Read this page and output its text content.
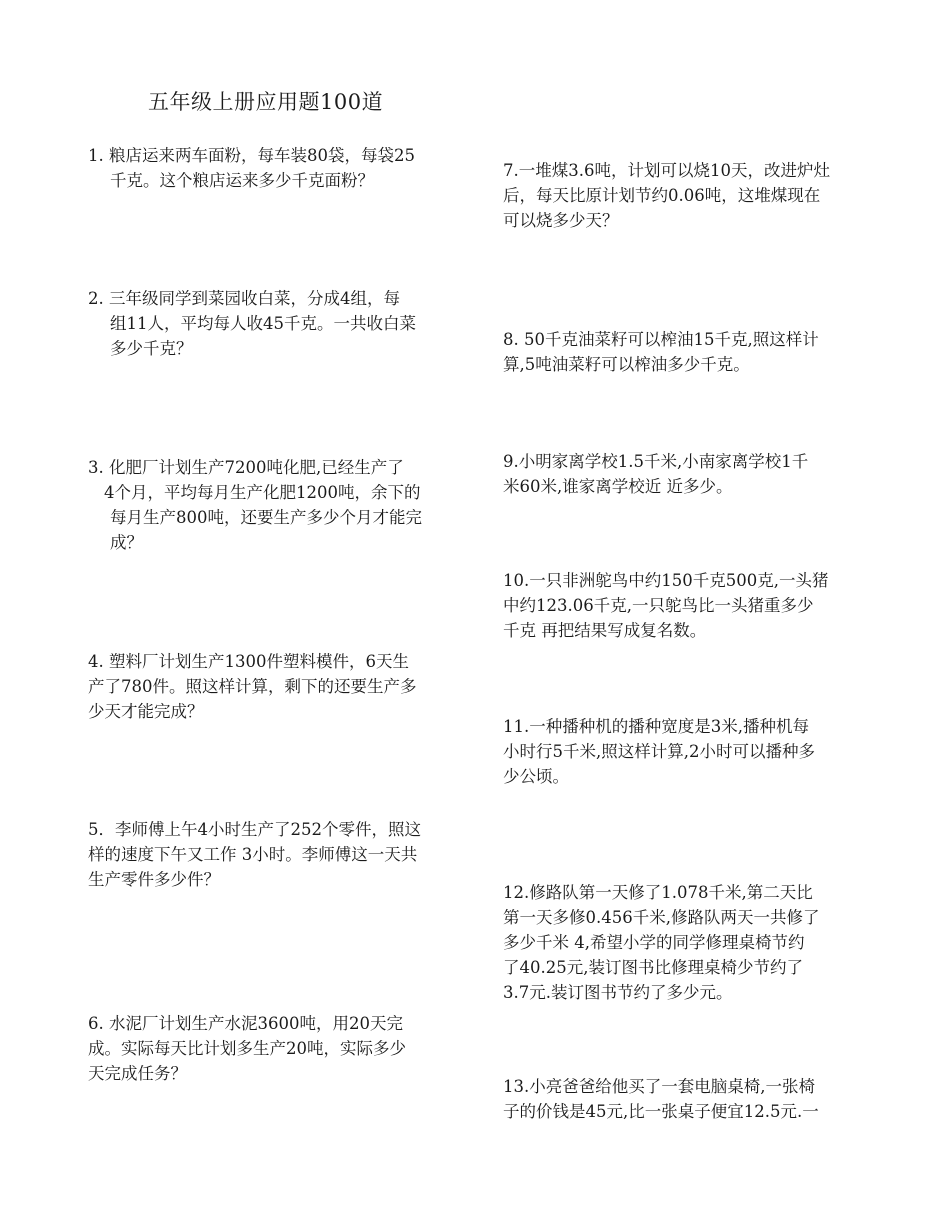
五年级上册应用题100道
1. 粮店运来两车面粉，每车装80袋，每袋25
千克。这个粮店运来多少千克面粉？
2. 三年级同学到菜园收白菜，分成4组，每
组11人，平均每人收45千克。一共收白菜
多少千克？
3. 化肥厂计划生产7200吨化肥,已经生产了
4个月，平均每月生产化肥1200吨，余下的
每月生产800吨，还要生产多少个月才能完
成？
4. 塑料厂计划生产1300件塑料模件，6天生
产了780件。照这样计算，剩下的还要生产多
少天才能完成？
5．李师傅上午4小时生产了252个零件，照这
样的速度下午又工作 3小时。李师傅这一天共
生产零件多少件？
6. 水泥厂计划生产水泥3600吨，用20天完
成。实际每天比计划多生产20吨，实际多少
天完成任务？
7.一堆煤3.6吨，计划可以烧10天，改进炉灶
后，每天比原计划节约0.06吨，这堆煤现在
可以烧多少天？
8. 50千克油菜籽可以榨油15千克,照这样计
算,5吨油菜籽可以榨油多少千克。
9.小明家离学校1.5千米,小南家离学校1千
米60米,谁家离学校近 近多少。
10.一只非洲鸵鸟中约150千克500克,一头猪
中约123.06千克,一只鸵鸟比一头猪重多少
千克 再把结果写成复名数。
11.一种播种机的播种宽度是3米,播种机每
小时行5千米,照这样计算,2小时可以播种多
少公顷。
12.修路队第一天修了1.078千米,第二天比
第一天多修0.456千米,修路队两天一共修了
多少千米 4,希望小学的同学修理桌椅节约
了40.25元,装订图书比修理桌椅少节约了
3.7元.装订图书节约了多少元。
13.小亮爸爸给他买了一套电脑桌椅,一张椅
子的价钱是45元,比一张桌子便宜12.5元.一
